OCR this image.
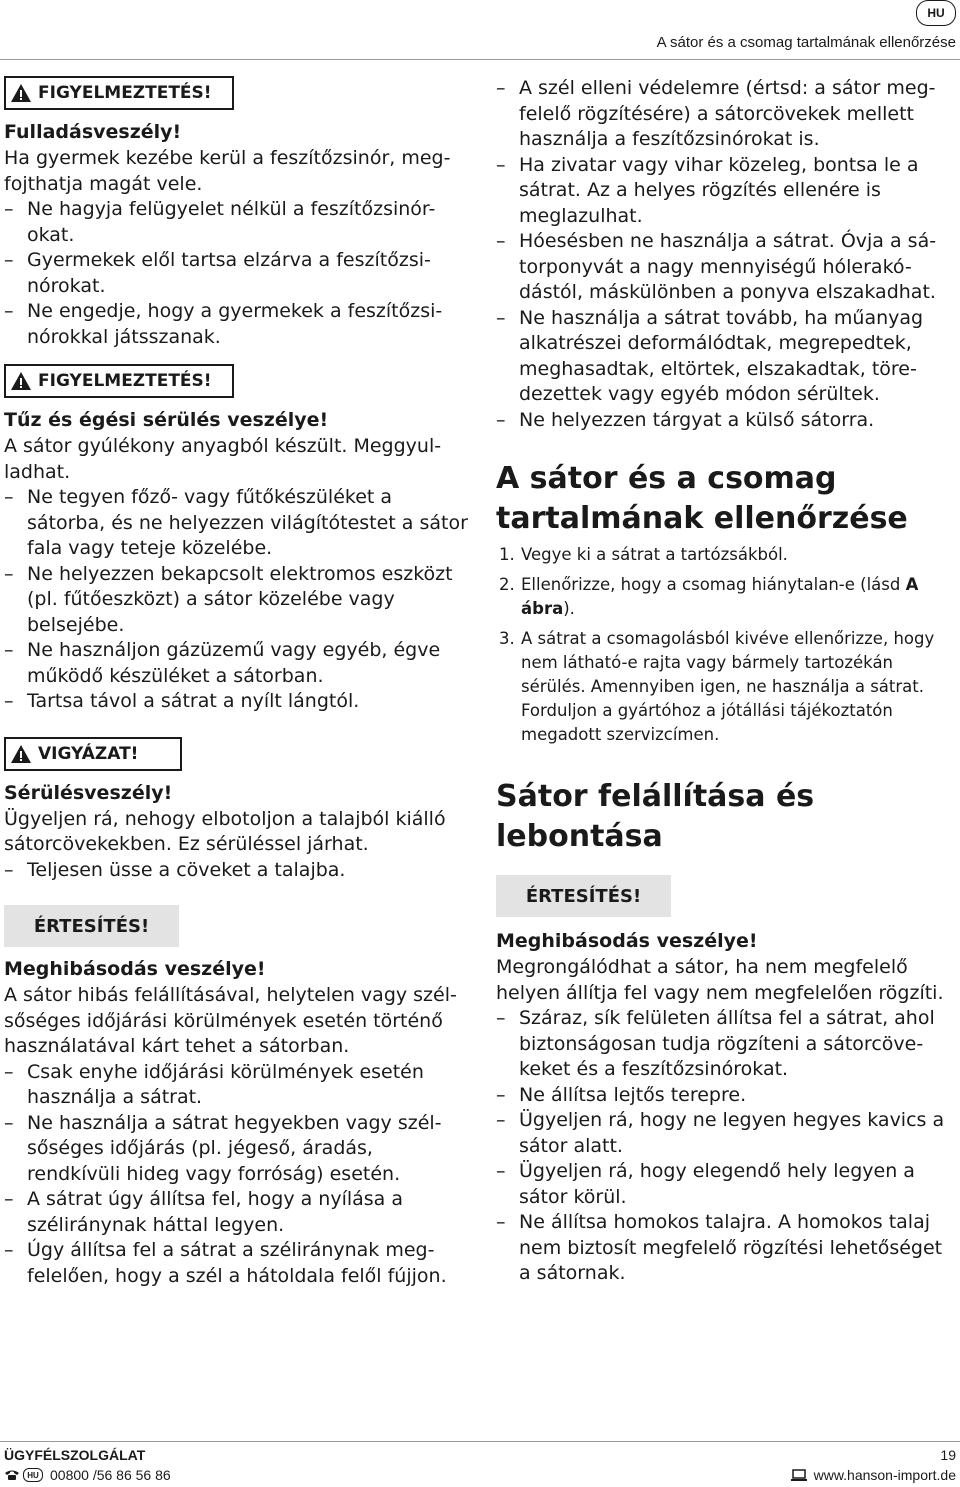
HU
A sátor és a csomag tartalmának ellenőrzése
FIGYELMEZTETÉS!
Fulladásveszély!

Ha gyermek kezébe kerül a feszítőzsinór, meg-fojthatja magát vele.

– Ne hagyja felügyelet nélkül a feszítőzsinór-okat.
– Gyermekek elől tartsa elzárva a feszítőzsi-nórokat.
– Ne engedje, hogy a gyermekek a feszítőzsi-nórokkal játsszanak.
FIGYELMEZTETÉS!
Tűz és égési sérülés veszélye!

A sátor gyúlékony anyagból készült. Meggyul-ladhat.

– Ne tegyen főző- vagy fűtőkészüléket a sátorba, és ne helyezzen világítótestet a sátor fala vagy teteje közelébe.
– Ne helyezzen bekapcsolt elektromos eszközt (pl. fűtőeszközt) a sátor közelébe vagy belsejébe.
– Ne használjon gázüzemű vagy egyéb, égve működő készüléket a sátorban.
– Tartsa távol a sátrat a nyílt lángtól.
VIGYÁZAT!
Sérülésveszély!

Ügyeljen rá, nehogy elbotoljon a talajból kiálló sátorcövekekben. Ez sérüléssel járhat.

– Teljesen üsse a cöveket a talajba.
ÉRTESÍTÉS!
Meghibásodás veszélye!

A sátor hibás felállításával, helytelen vagy szél-sőséges időjárási körülmények esetén történő használatával kárt tehet a sátorban.

– Csak enyhe időjárási körülmények esetén használja a sátrat.
– Ne használja a sátrat hegyekben vagy szél-sőséges időjárás (pl. jégeső, áradás, rendkívüli hideg vagy forróság) esetén.
– A sátrat úgy állítsa fel, hogy a nyílása a széliránynak háttal legyen.
– Úgy állítsa fel a sátrat a széliránynak meg-felelően, hogy a szél a hátoldala felől fújjon.
– A szél elleni védelemre (értsd: a sátor meg-felelő rögzítésére) a sátorcövekek mellett használja a feszítőzsinórokat is.
– Ha zivatar vagy vihar közeleg, bontsa le a sátrat. Az a helyes rögzítés ellenére is meglazulhat.
– Hóesésben ne használja a sátrat. Óvja a sá-torponyvát a nagy mennyiségű hólerakó-dástól, máskülönben a ponyva elszakadhat.
– Ne használja a sátrat tovább, ha műanyag alkatrészei deformálódtak, megrepedtek, meghasadtak, eltörtek, elszakadtak, töre-dezettek vagy egyéb módon sérültek.
– Ne helyezzen tárgyat a külső sátorra.
A sátor és a csomag tartalmának ellenőrzése
1. Vegye ki a sátrat a tartózsákból.
2. Ellenőrizze, hogy a csomag hiánytalan-e (lásd A ábra).
3. A sátrat a csomagolásból kivéve ellenőrizze, hogy nem látható-e rajta vagy bármely tartozékán sérülés. Amennyiben igen, ne használja a sátrat. Forduljon a gyártóhoz a jótállási tájékoztatón megadott szervizcímen.
Sátor felállítása és lebontása
ÉRTESÍTÉS!
Meghibásodás veszélye!

Megrongálódhat a sátor, ha nem megfelelő helyen állítja fel vagy nem megfelelően rögzíti.

– Száraz, sík felületen állítsa fel a sátrat, ahol biztonságosan tudja rögzíteni a sátorcöve-keket és a feszítőzsinórokat.
– Ne állítsa lejtős terepre.
– Ügyeljen rá, hogy ne legyen hegyes kavics a sátor alatt.
– Ügyeljen rá, hogy elegendő hely legyen a sátor körül.
– Ne állítsa homokos talajra. A homokos talaj nem biztosít megfelelő rögzítési lehetőséget a sátornak.
ÜGYFÉLSZOLGÁLAT	19
HU 00800 /56 86 56 86	www.hanson-import.de
